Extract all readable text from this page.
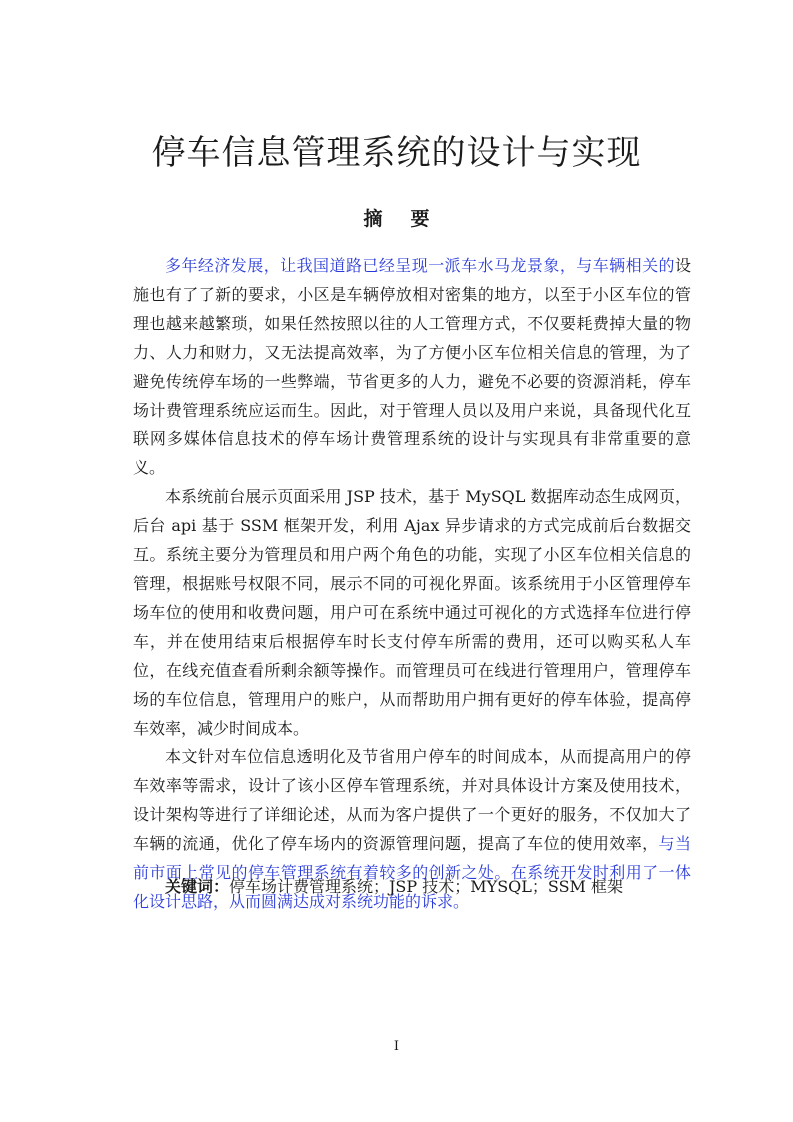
停车信息管理系统的设计与实现
摘 要

多年经济发展，让我国道路已经呈现一派车水马龙景象，与车辆相关的设施也有了了新的要求，小区是车辆停放相对密集的地方，以至于小区车位的管理也越来越繁琐，如果任然按照以往的人工管理方式，不仅要耗费掉大量的物力、人力和财力，又无法提高效率，为了方便小区车位相关信息的管理，为了避免传统停车场的一些弊端，节省更多的人力，避免不必要的资源消耗，停车场计费管理系统应运而生。因此，对于管理人员以及用户来说，具备现代化互联网多媒体信息技术的停车场计费管理系统的设计与实现具有非常重要的意义。

本系统前台展示页面采用 JSP 技术，基于 MySQL 数据库动态生成网页，后台 api 基于 SSM 框架开发，利用 Ajax 异步请求的方式完成前后台数据交互。系统主要分为管理员和用户两个角色的功能，实现了小区车位相关信息的管理，根据账号权限不同，展示不同的可视化界面。该系统用于小区管理停车场车位的使用和收费问题，用户可在系统中通过可视化的方式选择车位进行停车，并在使用结束后根据停车时长支付停车所需的费用，还可以购买私人车位，在线充值查看所剩余额等操作。而管理员可在线进行管理用户，管理停车场的车位信息，管理用户的账户，从而帮助用户拥有更好的停车体验，提高停车效率，减少时间成本。

本文针对车位信息透明化及节省用户停车的时间成本，从而提高用户的停车效率等需求，设计了该小区停车管理系统，并对具体设计方案及使用技术，设计架构等进行了详细论述，从而为客户提供了一个更好的服务，不仅加大了车辆的流通，优化了停车场内的资源管理问题，提高了车位的使用效率，与当前市面上常见的停车管理系统有着较多的创新之处。在系统开发时利用了一体化设计思路，从而圆满达成对系统功能的诉求。

关键词：停车场计费管理系统；JSP 技术；MYSQL；SSM 框架
I
